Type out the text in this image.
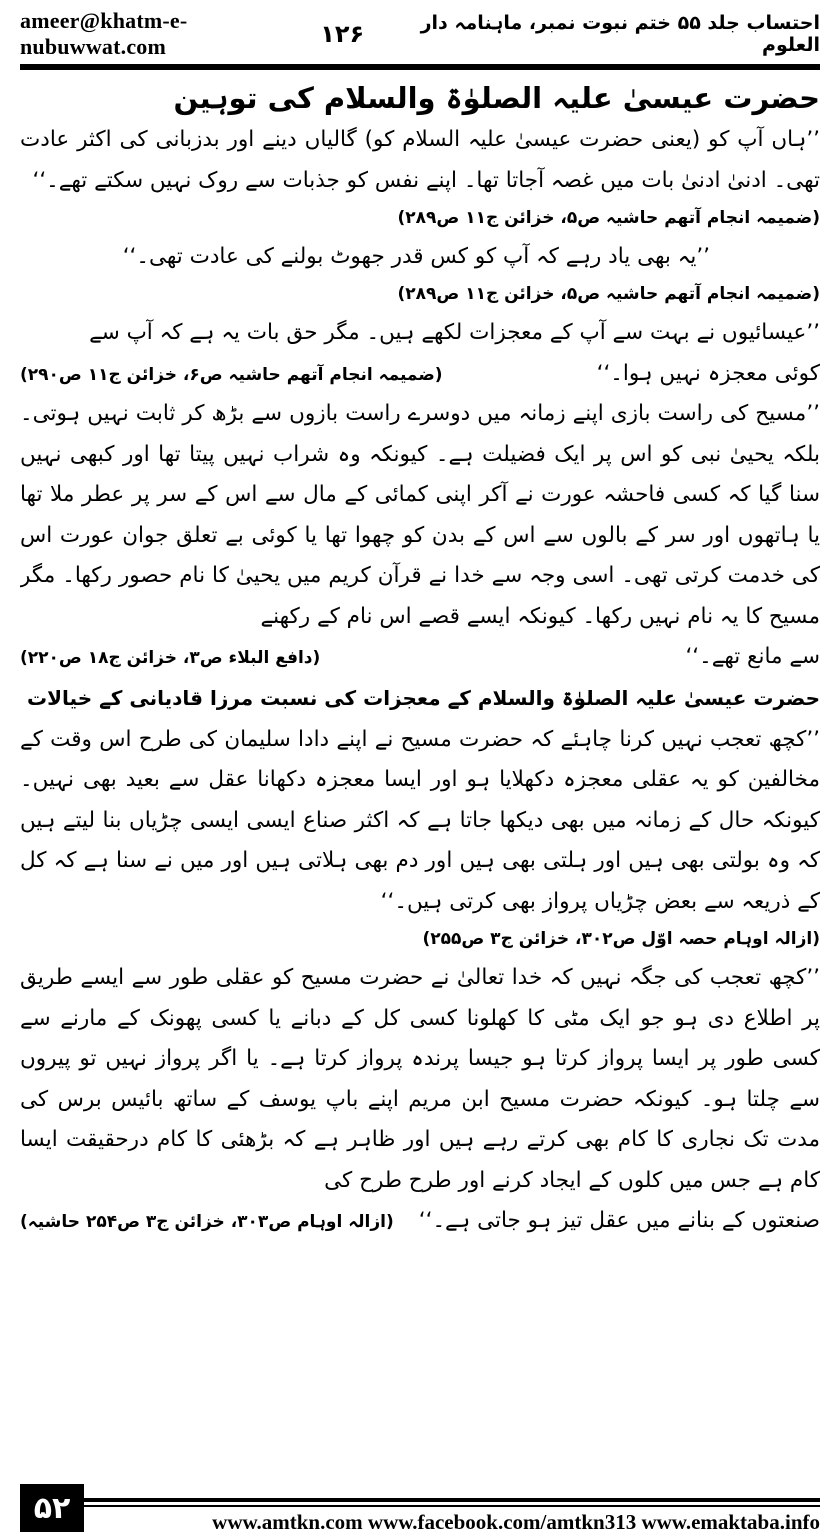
ameer@khatm-e-nubuwwat.com
احتساب جلد ۵۵ ختم نبوت نمبر، ماہنامہ دار العلوم
۱۲۶
حضرت عیسیٰ علیہ الصلوٰۃ والسلام کی توہین

’’ہاں آپ کو (یعنی حضرت عیسیٰ علیہ السلام کو) گالیاں دینے اور بدزبانی کی اکثر عادت تھی۔ ادنیٰ ادنیٰ بات میں غصہ آجاتا تھا۔ اپنے نفس کو جذبات سے روک نہیں سکتے تھے۔‘‘

(ضمیمہ انجام آتھم حاشیہ ص۵، خزائن ج۱۱ ص۲۸۹)

’’یہ بھی یاد رہے کہ آپ کو کس قدر جھوٹ بولنے کی عادت تھی۔‘‘

(ضمیمہ انجام آتھم حاشیہ ص۵، خزائن ج۱۱ ص۲۸۹)

’’عیسائیوں نے بہت سے آپ کے معجزات لکھے ہیں۔ مگر حق بات یہ ہے کہ آپ سے

کوئی معجزہ نہیں ہوا۔‘‘
(ضمیمہ انجام آتھم حاشیہ ص۶، خزائن ج۱۱ ص۲۹۰)

’’مسیح کی راست بازی اپنے زمانہ میں دوسرے راست بازوں سے بڑھ کر ثابت نہیں ہوتی۔ بلکہ یحییٰ نبی کو اس پر ایک فضیلت ہے۔ کیونکہ وہ شراب نہیں پیتا تھا اور کبھی نہیں سنا گیا کہ کسی فاحشہ عورت نے آکر اپنی کمائی کے مال سے اس کے سر پر عطر ملا تھا یا ہاتھوں اور سر کے بالوں سے اس کے بدن کو چھوا تھا یا کوئی بے تعلق جوان عورت اس کی خدمت کرتی تھی۔ اسی وجہ سے خدا نے قرآن کریم میں یحییٰ کا نام حصور رکھا۔ مگر مسیح کا یہ نام نہیں رکھا۔ کیونکہ ایسے قصے اس نام کے رکھنے

سے مانع تھے۔‘‘
(دافع البلاء ص۳، خزائن ج۱۸ ص۲۲۰)
حضرت عیسیٰ علیہ الصلوٰۃ والسلام کے معجزات کی نسبت مرزا قادیانی کے خیالات

’’کچھ تعجب نہیں کرنا چاہئے کہ حضرت مسیح نے اپنے دادا سلیمان کی طرح اس وقت کے مخالفین کو یہ عقلی معجزہ دکھلایا ہو اور ایسا معجزہ دکھانا عقل سے بعید بھی نہیں۔ کیونکہ حال کے زمانہ میں بھی دیکھا جاتا ہے کہ اکثر صناع ایسی ایسی چڑیاں بنا لیتے ہیں کہ وہ بولتی بھی ہیں اور ہلتی بھی ہیں اور دم بھی ہلاتی ہیں اور میں نے سنا ہے کہ کل کے ذریعہ سے بعض چڑیاں پرواز بھی کرتی ہیں۔‘‘

(ازالہ اوہام حصہ اوّل ص۳۰۲، خزائن ج۳ ص۲۵۵)

’’کچھ تعجب کی جگہ نہیں کہ خدا تعالیٰ نے حضرت مسیح کو عقلی طور سے ایسے طریق پر اطلاع دی ہو جو ایک مٹی کا کھلونا کسی کل کے دبانے یا کسی پھونک کے مارنے سے کسی طور پر ایسا پرواز کرتا ہو جیسا پرندہ پرواز کرتا ہے۔ یا اگر پرواز نہیں تو پیروں سے چلتا ہو۔ کیونکہ حضرت مسیح ابن مریم اپنے باپ یوسف کے ساتھ بائیس برس کی مدت تک نجاری کا کام بھی کرتے رہے ہیں اور ظاہر ہے کہ بڑھئی کا کام درحقیقت ایسا کام ہے جس میں کلوں کے ایجاد کرنے اور طرح طرح کی

صنعتوں کے بنانے میں عقل تیز ہو جاتی ہے۔‘‘
(ازالہ اوہام ص۳۰۳، خزائن ج۳ ص۲۵۴ حاشیہ)
۵۲	www.amtkn.com www.facebook.com/amtkn313 www.emaktaba.info
